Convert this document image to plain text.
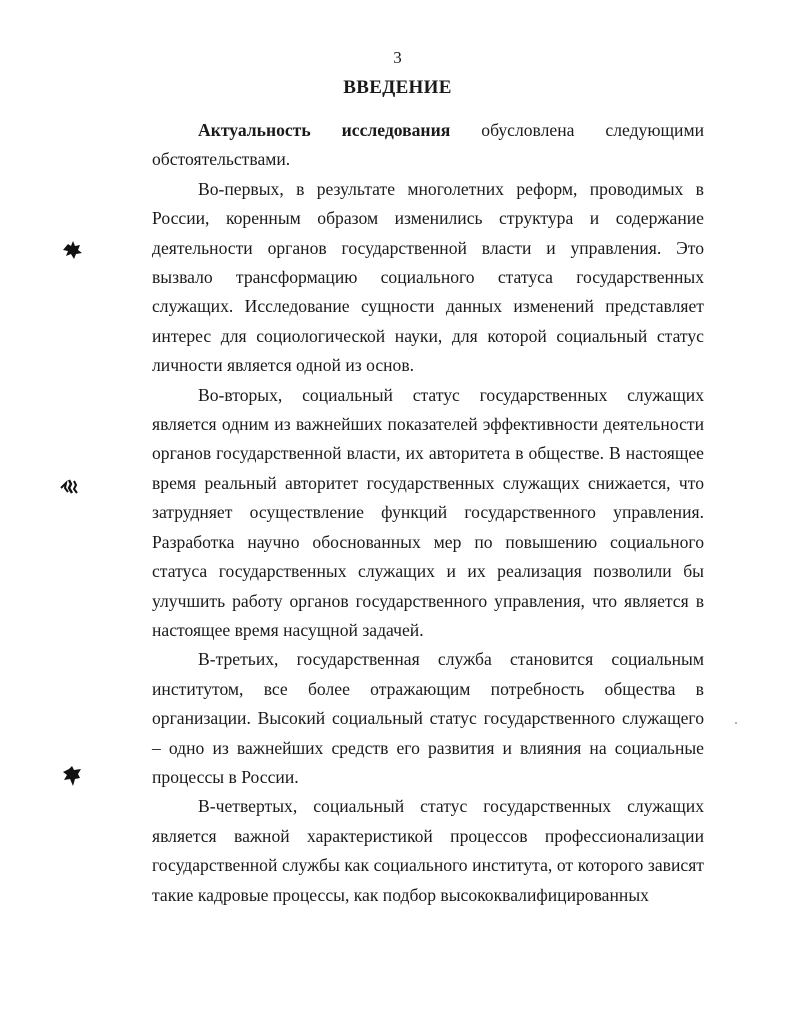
3
ВВЕДЕНИЕ

Актуальность исследования обусловлена следующими обстоятельствами.

Во-первых, в результате многолетних реформ, проводимых в России, коренным образом изменились структура и содержание деятельности органов государственной власти и управления. Это вызвало трансформацию социального статуса государственных служащих. Исследование сущности данных изменений представляет интерес для социологической науки, для которой социальный статус личности является одной из основ.

Во-вторых, социальный статус государственных служащих является одним из важнейших показателей эффективности деятельности органов государственной власти, их авторитета в обществе. В настоящее время реальный авторитет государственных служащих снижается, что затрудняет осуществление функций государственного управления. Разработка научно обоснованных мер по повышению социального статуса государственных служащих и их реализация позволили бы улучшить работу органов государственного управления, что является в настоящее время насущной задачей.

В-третьих, государственная служба становится социальным институтом, все более отражающим потребность общества в организации. Высокий социальный статус государственного служащего – одно из важнейших средств его развития и влияния на социальные процессы в России.

В-четвертых, социальный статус государственных служащих является важной характеристикой процессов профессионализации государственной службы как социального института, от которого зависят такие кадровые процессы, как подбор высококвалифицированных
